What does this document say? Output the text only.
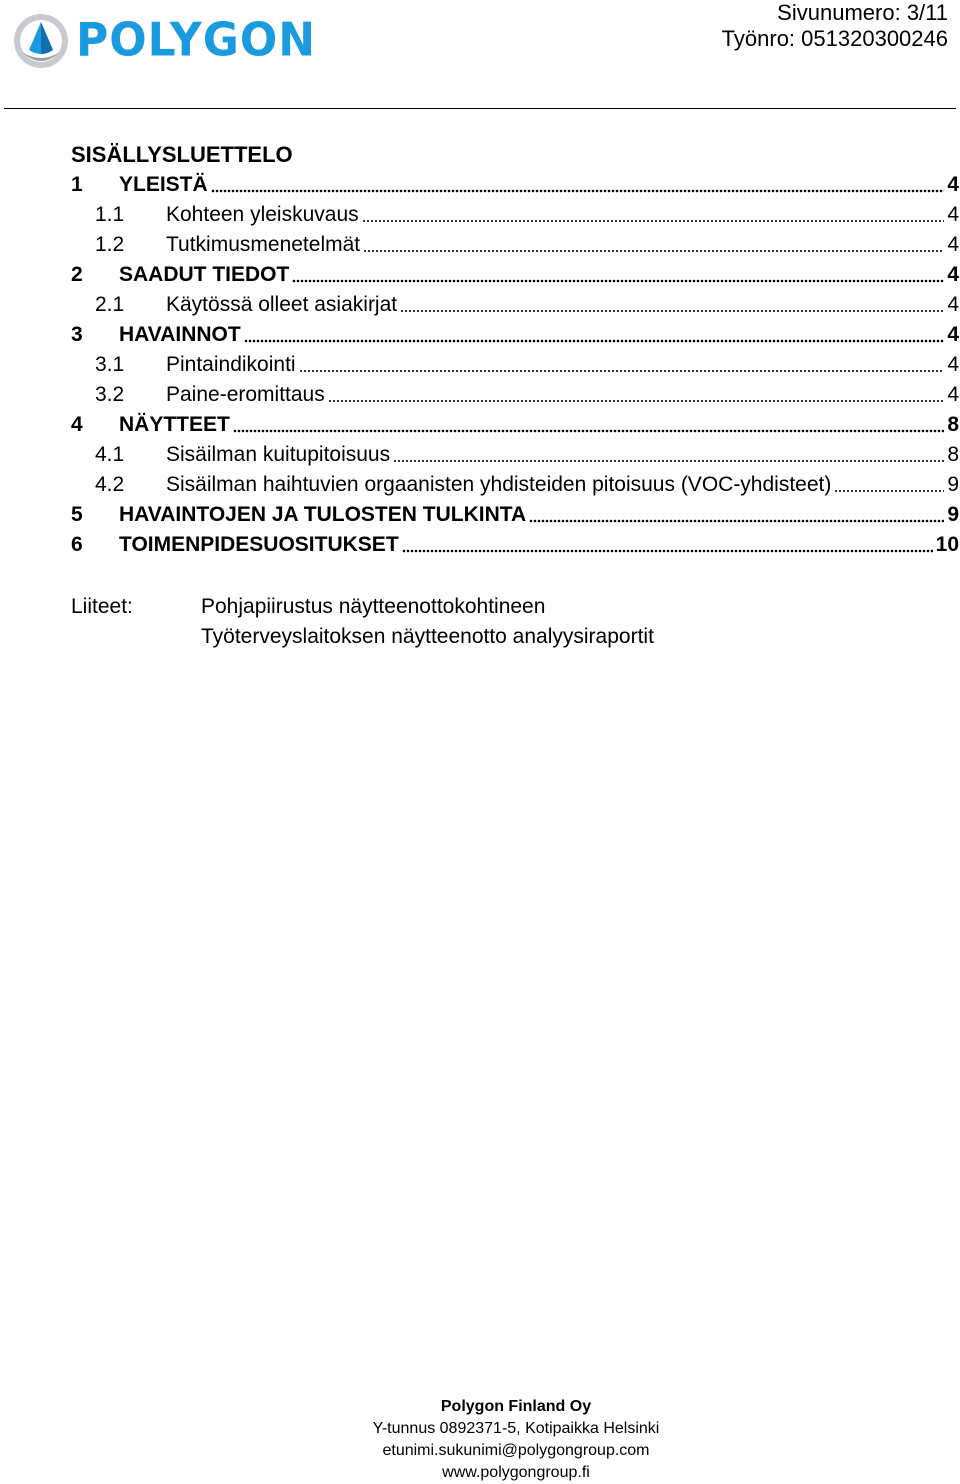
POLYGON
Sivunumero: 3/11
Työnro: 051320300246
SISÄLLYSLUETTELO
1	YLEISTÄ	4
1.1	Kohteen yleiskuvaus	4
1.2	Tutkimusmenetelmät	4
2	SAADUT TIEDOT	4
2.1	Käytössä olleet asiakirjat	4
3	HAVAINNOT	4
3.1	Pintaindikointi	4
3.2	Paine-eromittaus	4
4	NÄYTTEET	8
4.1	Sisäilman kuitupitoisuus	8
4.2	Sisäilman haihtuvien orgaanisten yhdisteiden pitoisuus (VOC-yhdisteet)	9
5	HAVAINTOJEN JA TULOSTEN TULKINTA	9
6	TOIMENPIDESUOSITUKSET	10
Liiteet:	Pohjapiirustus näytteenottokohtineen
Työterveyslaitoksen näytteenotto analyysiraportit
Polygon Finland Oy
Y-tunnus 0892371-5, Kotipaikka Helsinki
etunimi.sukunimi@polygongroup.com
www.polygongroup.fi
